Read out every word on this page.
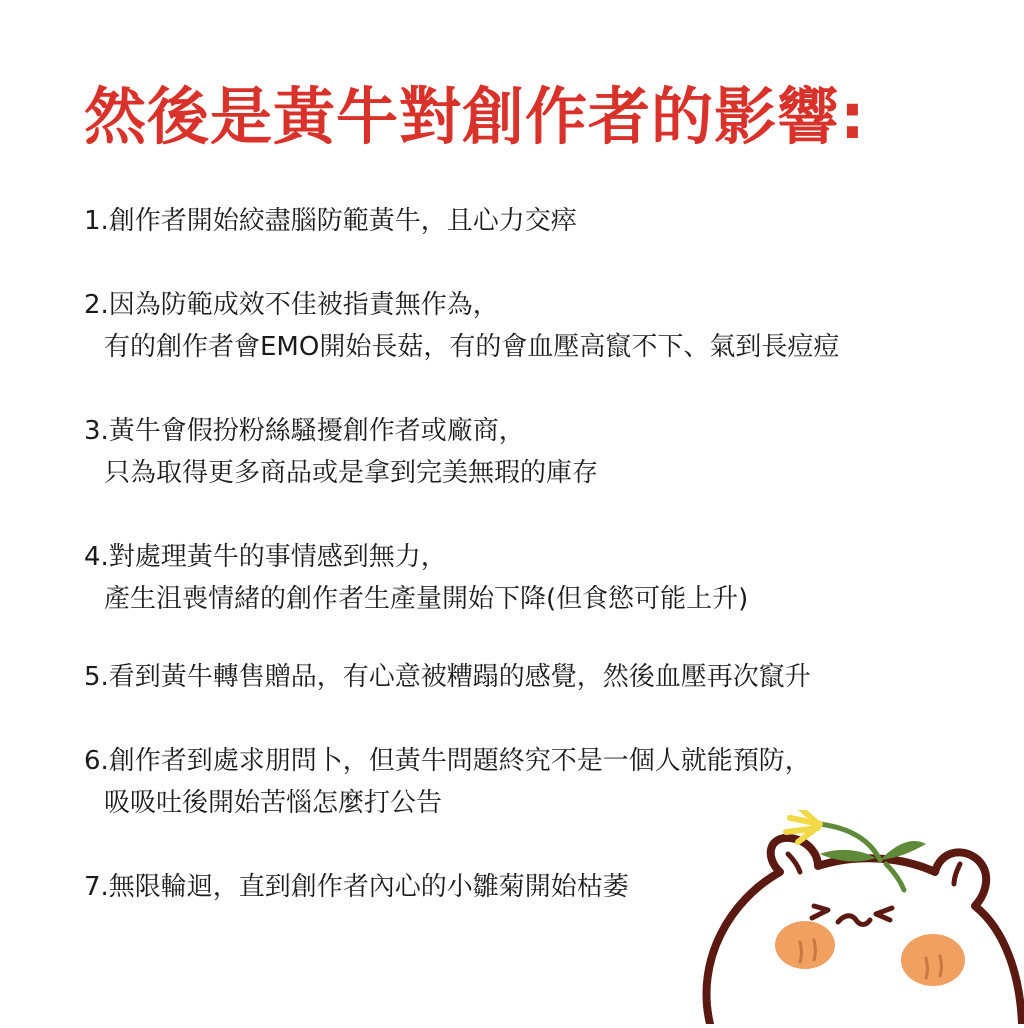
然後是黃牛對創作者的影響:
1.創作者開始絞盡腦防範黃牛，且心力交瘁
2.因為防範成效不佳被指責無作為，
有的創作者會EMO開始長菇，有的會血壓高竄不下、氣到長痘痘
3.黃牛會假扮粉絲騷擾創作者或廠商，
只為取得更多商品或是拿到完美無瑕的庫存
4.對處理黃牛的事情感到無力，
產生沮喪情緒的創作者生產量開始下降(但食慾可能上升)
5.看到黃牛轉售贈品，有心意被糟蹋的感覺，然後血壓再次竄升
6.創作者到處求朋問卜，但黃牛問題終究不是一個人就能預防，
吸吸吐後開始苦惱怎麼打公告
7.無限輪迴，直到創作者內心的小雛菊開始枯萎
